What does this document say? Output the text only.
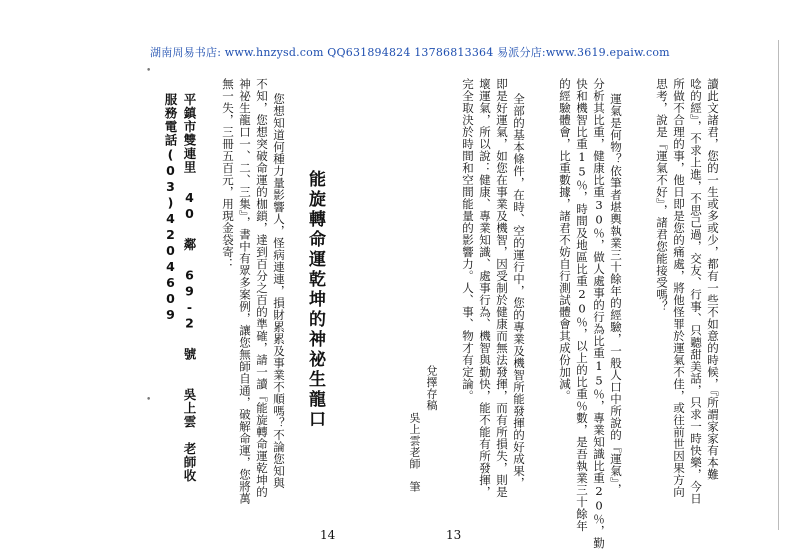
湖南周易书店: www.hnzysd.com QQ631894824 13786813364 易派分店:www.3619.epaiw.com
•
•	讀此文諸君，您的一生或多或少，都有一些不如意的時候，『所謂家家有本難
唸的經』，不求上進，不思己過，交友、行事、只聽甜美話，只求一時快樂，今日
所做不合理的事，他日即是您的痛處，將他怪罪於運氣不佳，或往前世因果方向
思考，說是『運氣不好』，諸君您能接受嗎？
運氣是何物？依筆者堪輿執業三十餘年的經驗，一般人口中所說的『運氣』，
分析其比重，健康比重30％，做人處事的行為比重15％，專業知識比重20％，勤
快和機智比重15％，時間及地區比重20％，以上的比重％數，是吾執業三十餘年
的經驗體會，比重數據，諸君不妨自行測試體會其成份加減。
全部的基本條件，在時、空的運行中，您的專業及機智所能發揮的好成果，
即是好運氣，如您在事業及機智，因受制於健康而無法發揮，而有所損失，則是
壞運氣，所以說：健康、專業知識、處事行為、機智與勤快，能不能有所發揮，
完全取決於時間和空間能量的影響力。人、事、物才有定論。
兌擇存稿
吳上雲老師　筆
能旋轉命運乾坤的神祕生龍口
您想知道何種力量影響人，怪病連連，損財累累及事業不順嗎？不論您知與
不知，您想突破命運的枷鎖，達到百分之百的準確，請一讀『能旋轉命運乾坤的
神祕生龍口一、二、三集』，書中有眾多案例，讓您無師自通，破解命運，您將萬
無一失，三冊五百元，用現金袋寄：
平鎮市雙連里 40 鄰 69-2 號　　吳上雲　老師收
服務電話(03)4204609
14	13
